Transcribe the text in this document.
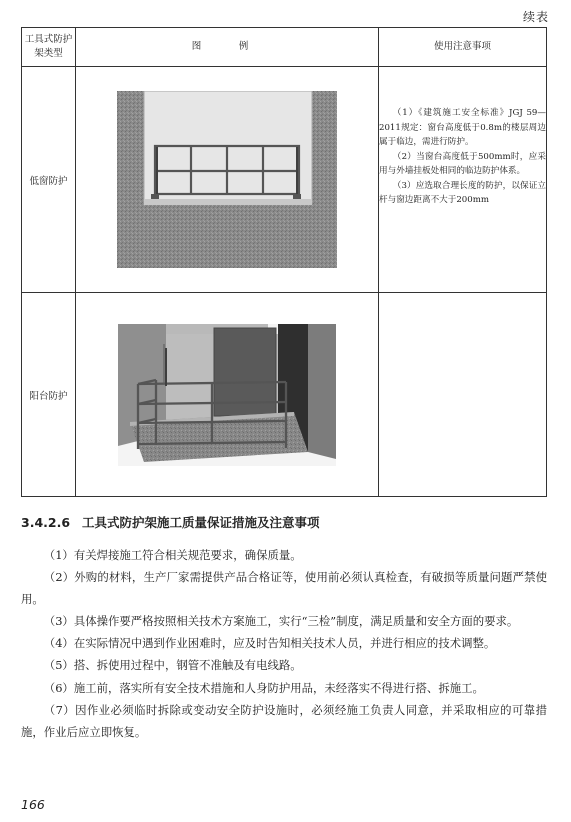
续表
工具式防护架类型	图　例	使用注意事项
低窗防护		（1）《建筑施工安全标准》JGJ 59—2011规定：窗台高度低于0.8m的楼层周边属于临边，需进行防护。

（2）当窗台高度低于500mm时，应采用与外墙挂板处相同的临边防护体系。

（3）应选取合理长度的防护，以保证立杆与窗边距离不大于200mm

阳台防护	

3.4.2.6 工具式防护架施工质量保证措施及注意事项

（1）有关焊接施工符合相关规范要求，确保质量。

（2）外购的材料，生产厂家需提供产品合格证等，使用前必须认真检查，有破损等质量问题严禁使用。

（3）具体操作要严格按照相关技术方案施工，实行“三检”制度，满足质量和安全方面的要求。

（4）在实际情况中遇到作业困难时，应及时告知相关技术人员，并进行相应的技术调整。

（5）搭、拆使用过程中，钢管不准触及有电线路。

（6）施工前，落实所有安全技术措施和人身防护用品，未经落实不得进行搭、拆施工。

（7）因作业必须临时拆除或变动安全防护设施时，必须经施工负责人同意，并采取相应的可靠措施，作业后应立即恢复。

166
